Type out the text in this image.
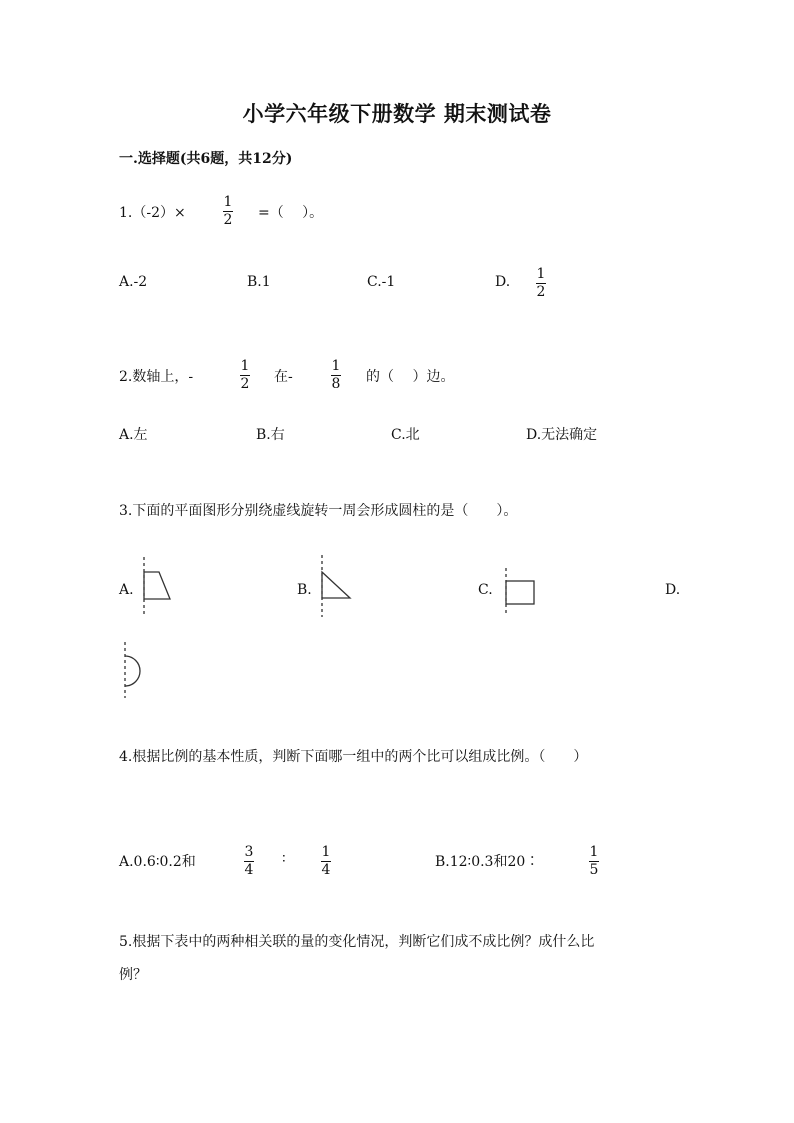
小学六年级下册数学 期末测试卷
一.选择题(共6题，共12分)
1.（-2）×
1
2 =（　 ）。
A.-2	B.1	C.-1	D. 1
2
2.数轴上，-
1
2 在-
1
8 的（　 ）边。
A.左	B.右	C.北	D.无法确定
3.下面的平面图形分别绕虚线旋转一周会形成圆柱的是（　　）。
A.	B.	C.	D.
4.根据比例的基本性质，判断下面哪一组中的两个比可以组成比例。（　　）
A.0.6∶0.2和
3
4
∶	1
4	B.12∶0.3和20∶
1
5
5.根据下表中的两种相关联的量的变化情况，判断它们成不成比例？成什么比
例？
